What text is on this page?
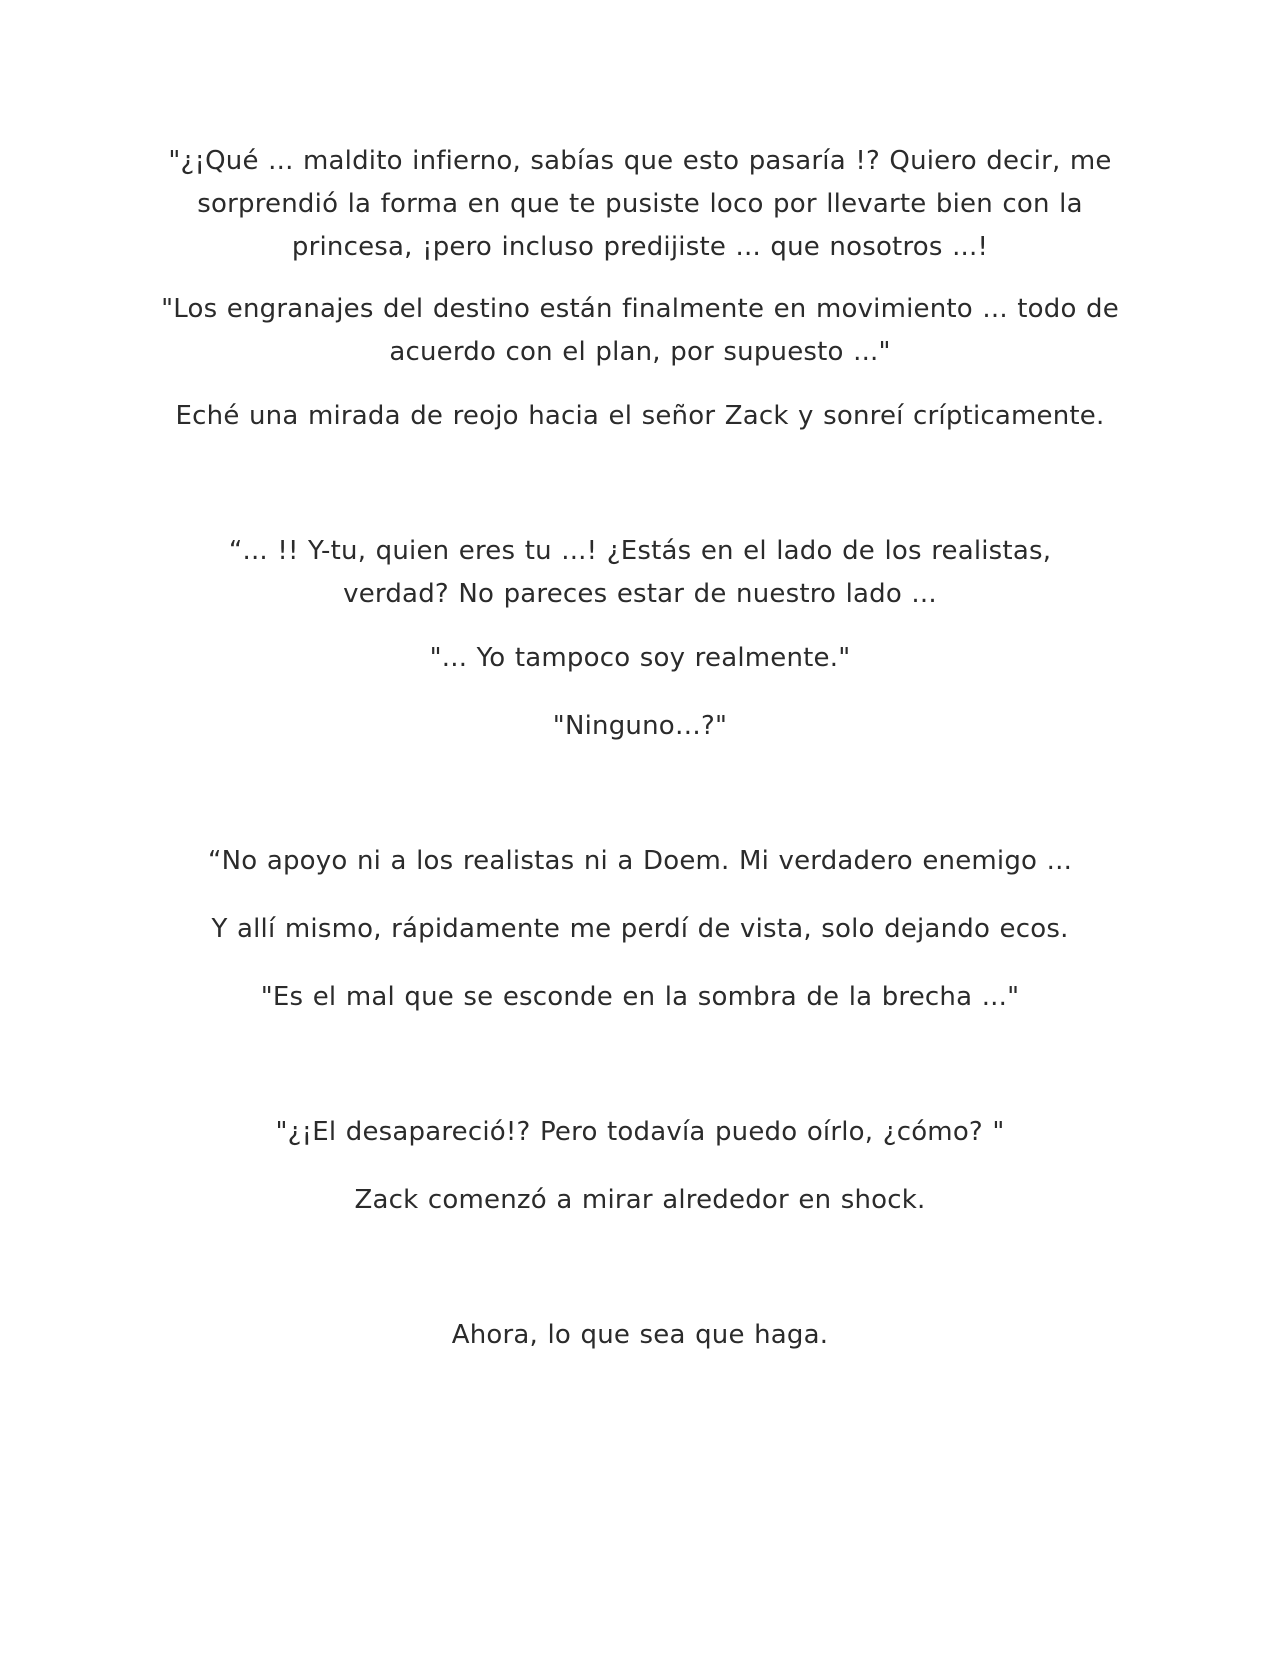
"¿¡Qué ... maldito infierno, sabías que esto pasaría !? Quiero decir, me
sorprendió la forma en que te pusiste loco por llevarte bien con la
princesa, ¡pero incluso predijiste ... que nosotros ...!

"Los engranajes del destino están finalmente en movimiento ... todo de
acuerdo con el plan, por supuesto ..."

Eché una mirada de reojo hacia el señor Zack y sonreí crípticamente.

“... !! Y-tu, quien eres tu ...! ¿Estás en el lado de los realistas,
verdad? No pareces estar de nuestro lado ...

"... Yo tampoco soy realmente."

"Ninguno…?"

“No apoyo ni a los realistas ni a Doem. Mi verdadero enemigo ...

Y allí mismo, rápidamente me perdí de vista, solo dejando ecos.

"Es el mal que se esconde en la sombra de la brecha ..."

"¿¡El desapareció!? Pero todavía puedo oírlo, ¿cómo? "

Zack comenzó a mirar alrededor en shock.

Ahora, lo que sea que haga.
